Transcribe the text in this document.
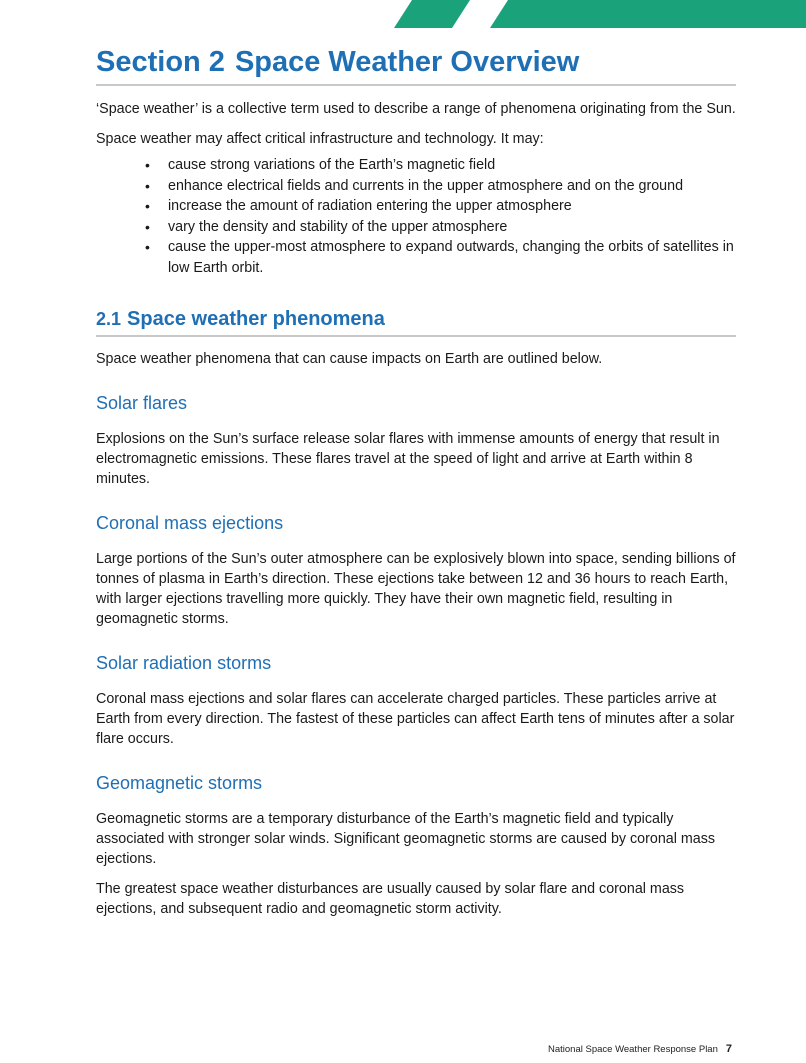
Section 2 Space Weather Overview

‘Space weather’ is a collective term used to describe a range of phenomena originating from the Sun.

Space weather may affect critical infrastructure and technology. It may:

• cause strong variations of the Earth’s magnetic field
• enhance electrical fields and currents in the upper atmosphere and on the ground
• increase the amount of radiation entering the upper atmosphere
• vary the density and stability of the upper atmosphere
• cause the upper-most atmosphere to expand outwards, changing the orbits of satellites in low Earth orbit.
2.1 Space weather phenomena

Space weather phenomena that can cause impacts on Earth are outlined below.

Solar flares

Explosions on the Sun’s surface release solar flares with immense amounts of energy that result in electromagnetic emissions. These flares travel at the speed of light and arrive at Earth within 8 minutes.

Coronal mass ejections

Large portions of the Sun’s outer atmosphere can be explosively blown into space, sending billions of tonnes of plasma in Earth’s direction. These ejections take between 12 and 36 hours to reach Earth, with larger ejections travelling more quickly. They have their own magnetic field, resulting in geomagnetic storms.

Solar radiation storms

Coronal mass ejections and solar flares can accelerate charged particles. These particles arrive at Earth from every direction. The fastest of these particles can affect Earth tens of minutes after a solar flare occurs.

Geomagnetic storms

Geomagnetic storms are a temporary disturbance of the Earth’s magnetic field and typically associated with stronger solar winds. Significant geomagnetic storms are caused by coronal mass ejections.

The greatest space weather disturbances are usually caused by solar flare and coronal mass ejections, and subsequent radio and geomagnetic storm activity.

National Space Weather Response Plan 7
